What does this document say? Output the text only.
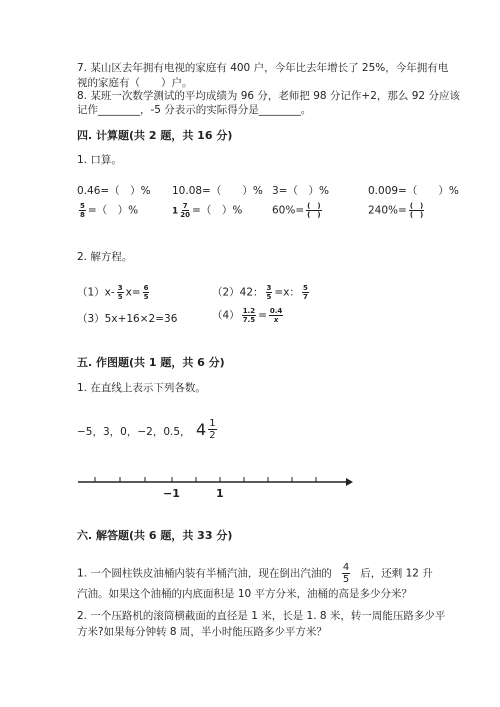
7. 某山区去年拥有电视的家庭有 400 户，今年比去年增长了 25%，今年拥有电
视的家庭有（　　）户。
8. 某班一次数学测试的平均成绩为 96 分，老师把 98 分记作+2，那么 92 分应该
记作________，-5 分表示的实际得分是________。
四. 计算题(共 2 题，共 16 分)
1. 口算。
0.46=（　）% 10.08=（　　）% 3=（　）%	0.009=（　　）%
$\frac{5}{8}$ =（　）%	$1 \frac{7}{20}$ =（　）%	$60\%= \frac{( )}{( )}$	$240\%= \frac{( )}{( )}$
2. 解方程。
$(1)x- \frac{3}{5} x= \frac{6}{5}$	（2）42： $\frac{3}{5} =x$： $\frac{5}{7}$
（3）5x+16×2=36	$(4) \frac{1.2}{7.5} = \frac{0.4}{x}$
五. 作图题(共 1 题，共 6 分)
1. 在直线上表示下列各数。
−5，3，0，−2，0.5， $4 \frac{1}{2}$
−1	1
六. 解答题(共 6 题，共 33 分)
1. 一个圆柱铁皮油桶内装有半桶汽油，现在倒出汽油的 $\frac{4}{5}$ 后，还剩 12 升
汽油。如果这个油桶的内底面积是 10 平方分米，油桶的高是多少分米？
2. 一个压路机的滚筒横截面的直径是 1 米，长是 1. 8 米，转一周能压路多少平
方米?如果每分钟转 8 周，半小时能压路多少平方米？
